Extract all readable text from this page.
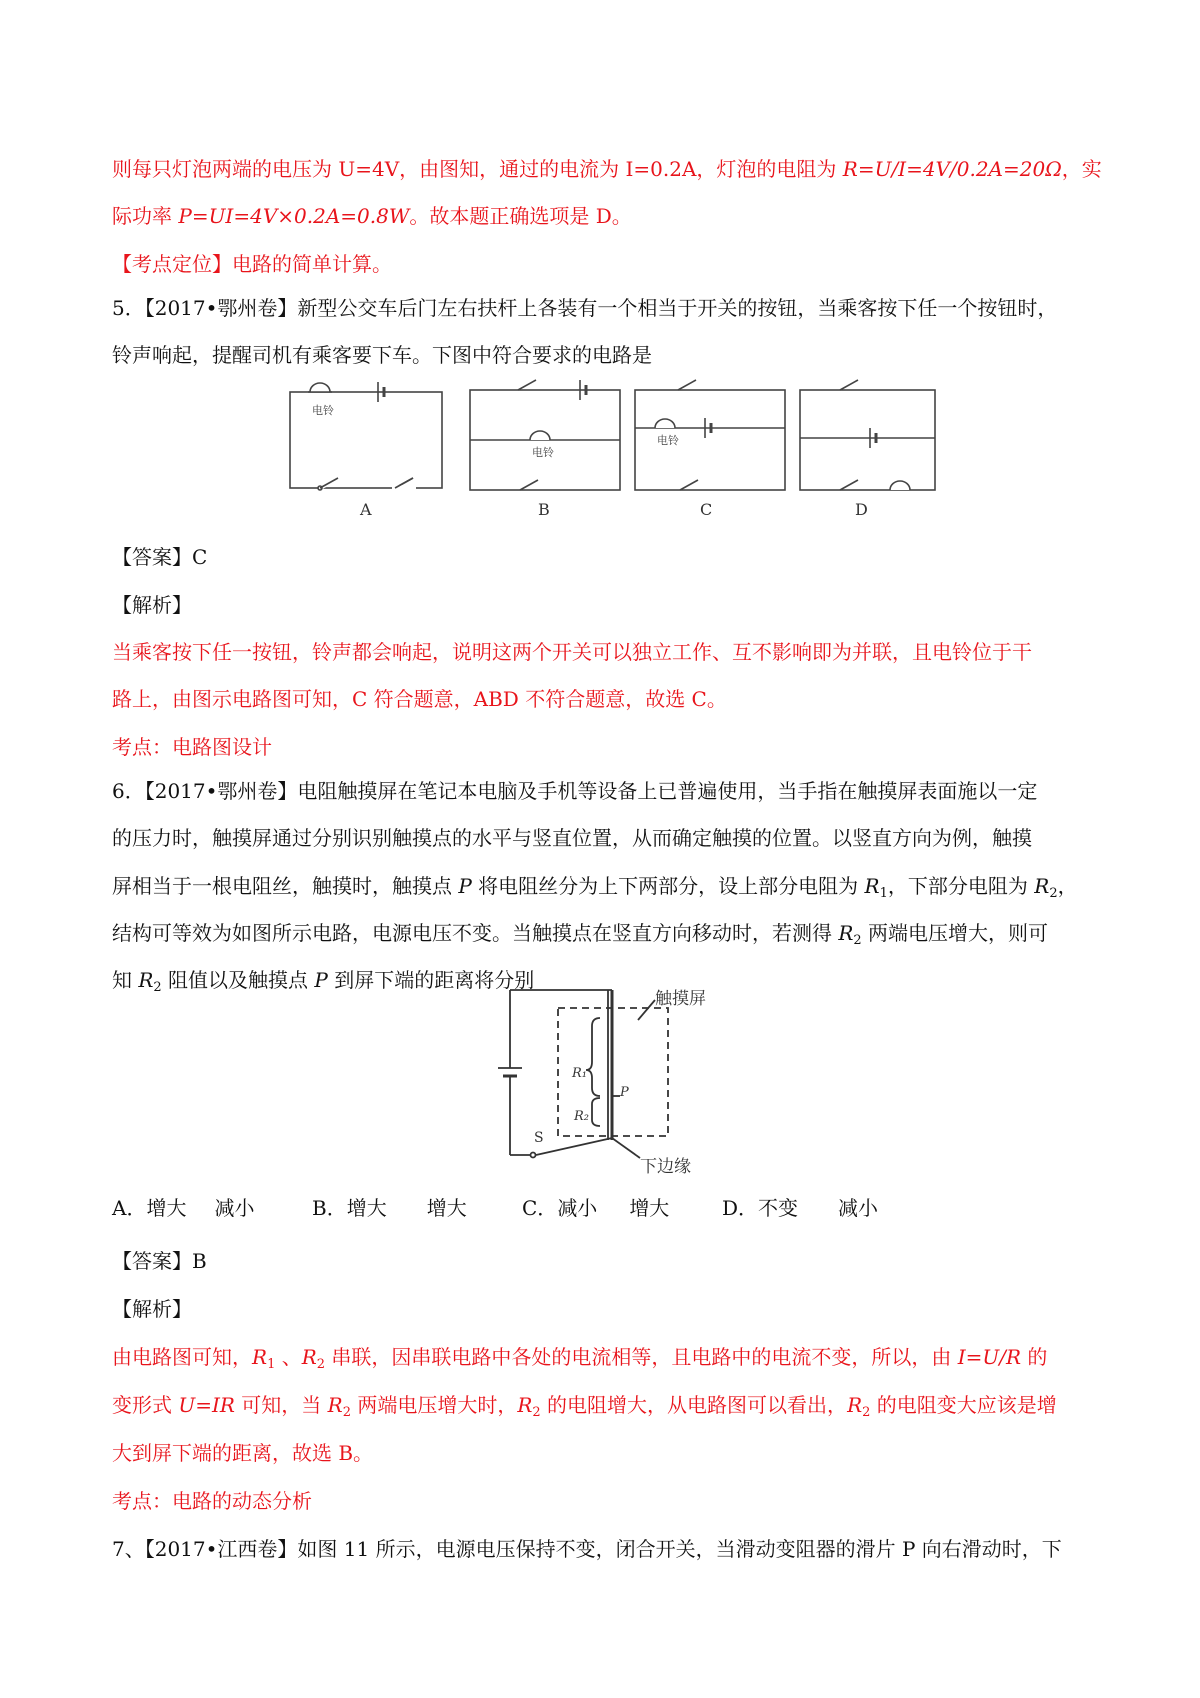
则每只灯泡两端的电压为 U=4V，由图知，通过的电流为 I=0.2A，灯泡的电阻为 R=U/I=4V/0.2A=20Ω，实
际功率 P=UI=4V×0.2A=0.8W。故本题正确选项是 D。
【考点定位】电路的简单计算。
5．【2017•鄂州卷】新型公交车后门左右扶杆上各装有一个相当于开关的按钮，当乘客按下任一个按钮时，
铃声响起，提醒司机有乘客要下车。下图中符合要求的电路是
电铃
A
电铃
B
电铃
C	D
【答案】C
【解析】
当乘客按下任一按钮，铃声都会响起，说明这两个开关可以独立工作、互不影响即为并联，且电铃位于干
路上，由图示电路图可知，C 符合题意，ABD 不符合题意，故选 C。
考点：电路图设计
6．【2017•鄂州卷】电阻触摸屏在笔记本电脑及手机等设备上已普遍使用，当手指在触摸屏表面施以一定
的压力时，触摸屏通过分别识别触摸点的水平与竖直位置，从而确定触摸的位置。以竖直方向为例，触摸
屏相当于一根电阻丝，触摸时，触摸点 P 将电阻丝分为上下两部分，设上部分电阻为 $R_1$，下部分电阻为 $R_2$，
结构可等效为如图所示电路，电源电压不变。当触摸点在竖直方向移动时，若测得 $R_2$ 两端电压增大，则可
知 $R_2$ 阻值以及触摸点 P 到屏下端的距离将分别
R₁
R₂
P
S
触摸屏
下边缘
A．增大 减小	B．增大 增大	C．减小 增大	D．不变 减小
【答案】B
【解析】
由电路图可知，$R_1$ 、$R_2$ 串联，因串联电路中各处的电流相等，且电路中的电流不变，所以，由 I=U/R 的
变形式 U=IR 可知，当 $R_2$ 两端电压增大时，$R_2$ 的电阻增大，从电路图可以看出，$R_2$ 的电阻变大应该是增
大到屏下端的距离，故选 B。
考点：电路的动态分析
7、【2017•江西卷】如图 11 所示，电源电压保持不变，闭合开关，当滑动变阻器的滑片 P 向右滑动时，下
